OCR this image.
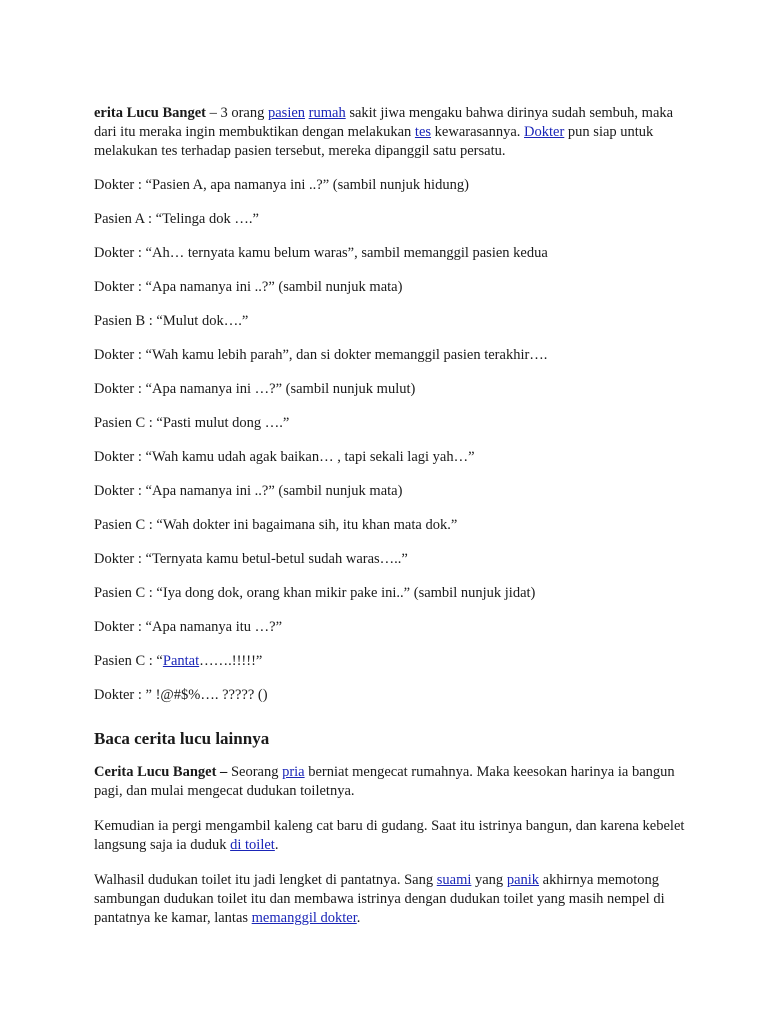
erita Lucu Banget – 3 orang pasien rumah sakit jiwa mengaku bahwa dirinya sudah sembuh, maka dari itu meraka ingin membuktikan dengan melakukan tes kewarasannya. Dokter pun siap untuk melakukan tes terhadap pasien tersebut, mereka dipanggil satu persatu.

Dokter : “Pasien A, apa namanya ini ..?” (sambil nunjuk hidung)

Pasien A : “Telinga dok ….”

Dokter : “Ah… ternyata kamu belum waras”, sambil memanggil pasien kedua

Dokter : “Apa namanya ini ..?” (sambil nunjuk mata)

Pasien B : “Mulut dok….”

Dokter : “Wah kamu lebih parah”, dan si dokter memanggil pasien terakhir….

Dokter : “Apa namanya ini …?” (sambil nunjuk mulut)

Pasien C : “Pasti mulut dong ….”

Dokter : “Wah kamu udah agak baikan… , tapi sekali lagi yah…”

Dokter : “Apa namanya ini ..?” (sambil nunjuk mata)

Pasien C : “Wah dokter ini bagaimana sih, itu khan mata dok.”

Dokter : “Ternyata kamu betul-betul sudah waras…..”

Pasien C : “Iya dong dok, orang khan mikir pake ini..” (sambil nunjuk jidat)

Dokter : “Apa namanya itu …?”

Pasien C : “Pantat…….!!!!!”

Dokter : ” !@#$%…. ????? ()

Baca cerita lucu lainnya

Cerita Lucu Banget – Seorang pria berniat mengecat rumahnya. Maka keesokan harinya ia bangun pagi, dan mulai mengecat dudukan toiletnya.

Kemudian ia pergi mengambil kaleng cat baru di gudang. Saat itu istrinya bangun, dan karena kebelet langsung saja ia duduk di toilet.

Walhasil dudukan toilet itu jadi lengket di pantatnya. Sang suami yang panik akhirnya memotong sambungan dudukan toilet itu dan membawa istrinya dengan dudukan toilet yang masih nempel di pantatnya ke kamar, lantas memanggil dokter.
